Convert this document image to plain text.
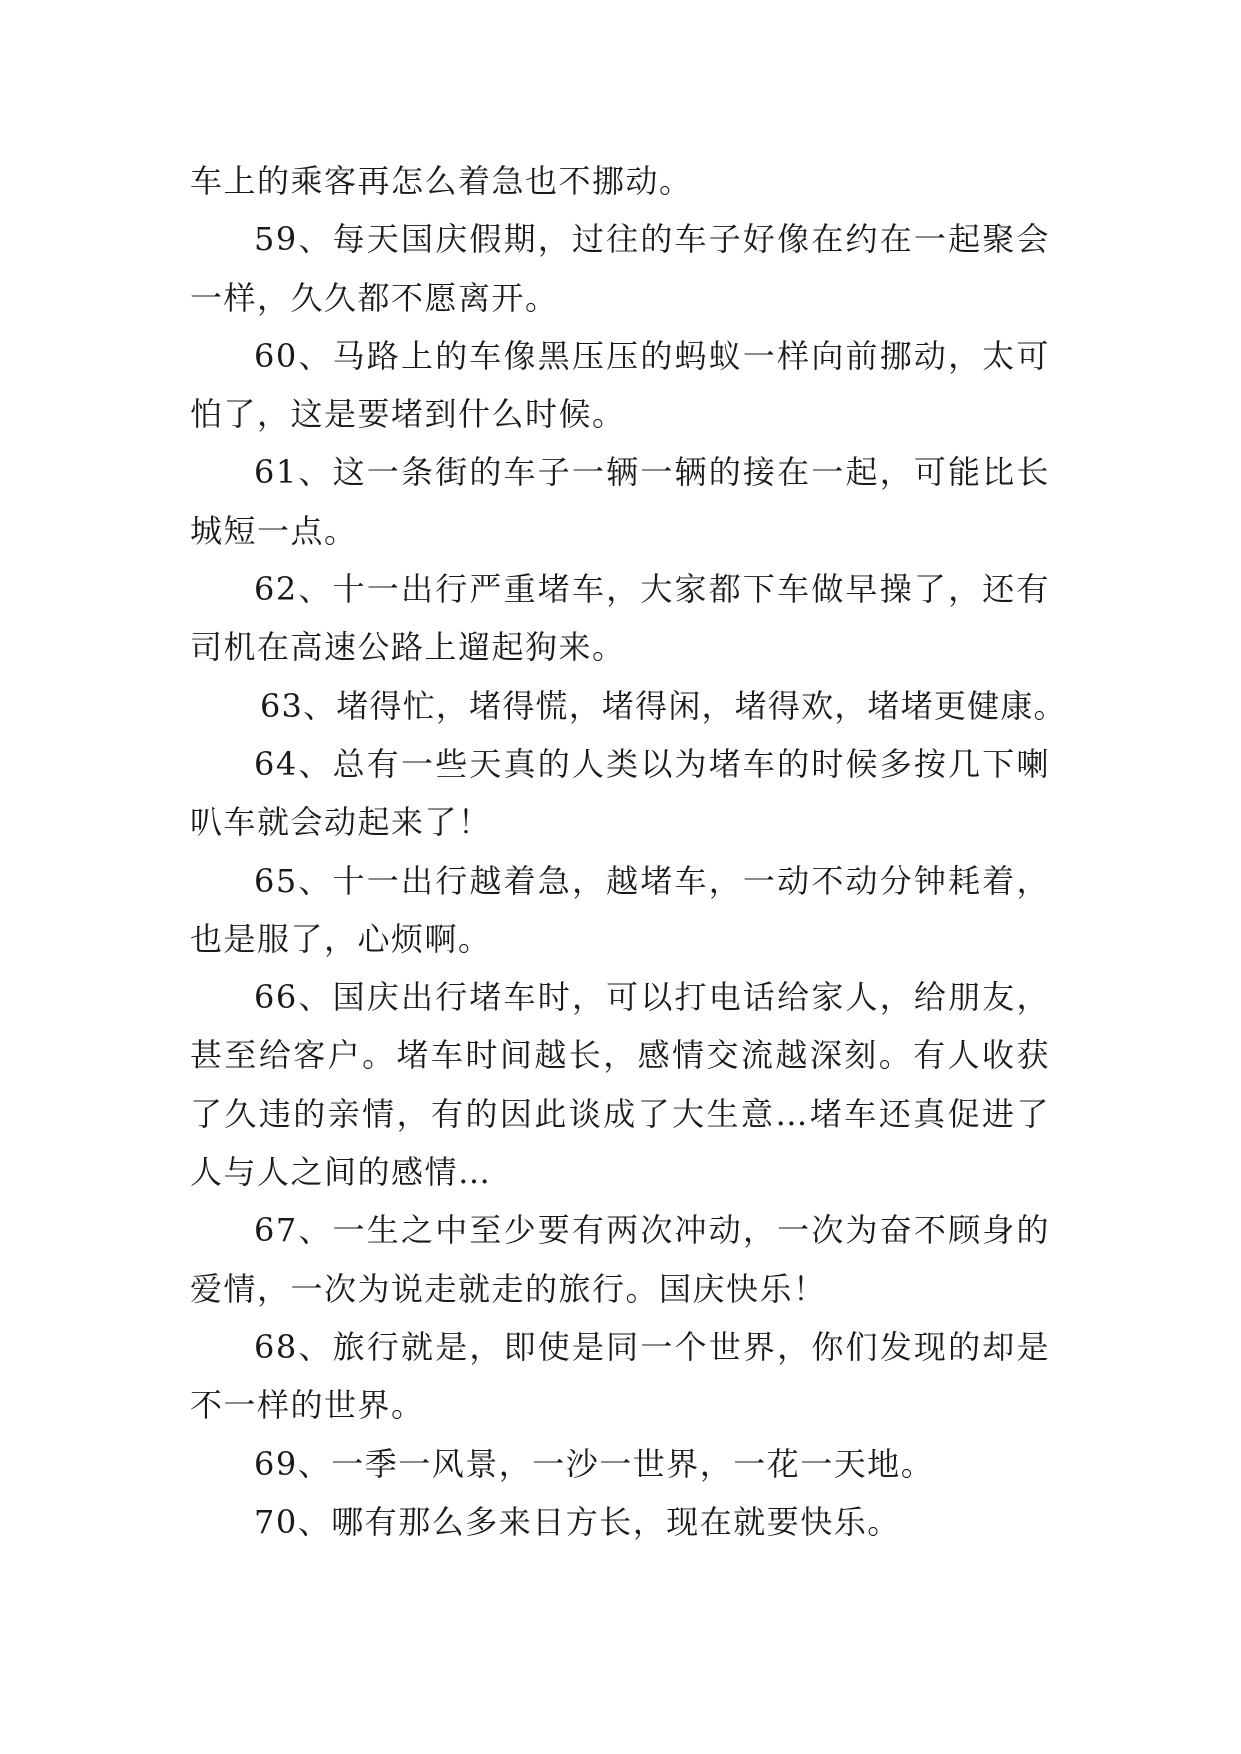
车上的乘客再怎么着急也不挪动。

59、每天国庆假期，过往的车子好像在约在一起聚会一样，久久都不愿离开。

60、马路上的车像黑压压的蚂蚁一样向前挪动，太可怕了，这是要堵到什么时候。

61、这一条街的车子一辆一辆的接在一起，可能比长城短一点。

62、十一出行严重堵车，大家都下车做早操了，还有司机在高速公路上遛起狗来。

63、堵得忙，堵得慌，堵得闲，堵得欢，堵堵更健康。

64、总有一些天真的人类以为堵车的时候多按几下喇叭车就会动起来了！

65、十一出行越着急，越堵车，一动不动分钟耗着，也是服了，心烦啊。

66、国庆出行堵车时，可以打电话给家人，给朋友，甚至给客户。堵车时间越长，感情交流越深刻。有人收获了久违的亲情，有的因此谈成了大生意…堵车还真促进了人与人之间的感情…

67、一生之中至少要有两次冲动，一次为奋不顾身的爱情，一次为说走就走的旅行。国庆快乐！

68、旅行就是，即使是同一个世界，你们发现的却是不一样的世界。

69、一季一风景，一沙一世界，一花一天地。

70、哪有那么多来日方长，现在就要快乐。
